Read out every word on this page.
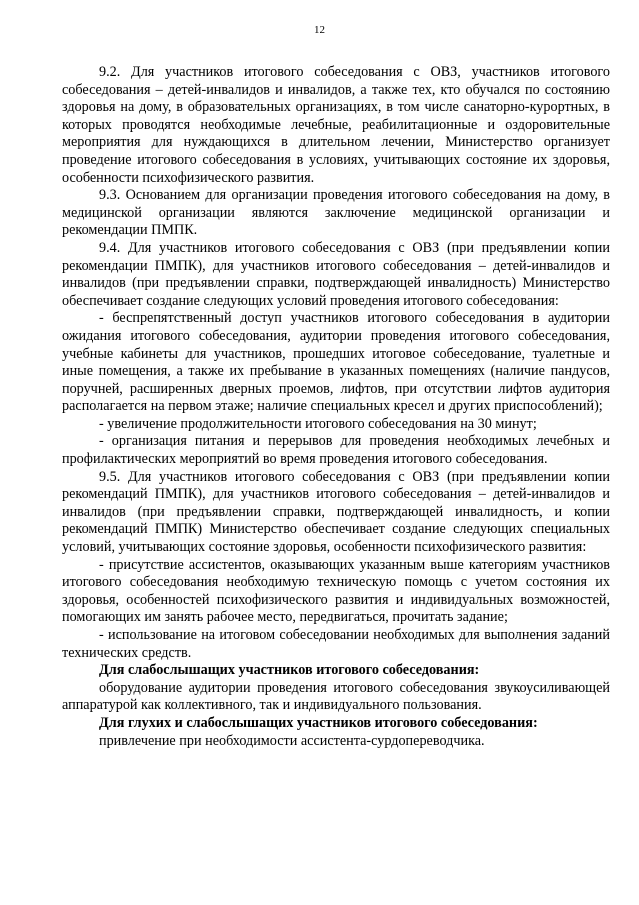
12

9.2. Для участников итогового собеседования с ОВЗ, участников итогового собеседования – детей-инвалидов и инвалидов, а также тех, кто обучался по состоянию здоровья на дому, в образовательных организациях, в том числе санаторно-курортных, в которых проводятся необходимые лечебные, реабилитационные и оздоровительные мероприятия для нуждающихся в длительном лечении, Министерство организует проведение итогового собеседования в условиях, учитывающих состояние их здоровья, особенности психофизического развития.

9.3. Основанием для организации проведения итогового собеседования на дому, в медицинской организации являются заключение медицинской организации и рекомендации ПМПК.

9.4. Для участников итогового собеседования с ОВЗ (при предъявлении копии рекомендации ПМПК), для участников итогового собеседования – детей-инвалидов и инвалидов (при предъявлении справки, подтверждающей инвалидность) Министерство обеспечивает создание следующих условий проведения итогового собеседования:

- беспрепятственный доступ участников итогового собеседования в аудитории ожидания итогового собеседования, аудитории проведения итогового собеседования, учебные кабинеты для участников, прошедших итоговое собеседование, туалетные и иные помещения, а также их пребывание в указанных помещениях (наличие пандусов, поручней, расширенных дверных проемов, лифтов, при отсутствии лифтов аудитория располагается на первом этаже; наличие специальных кресел и других приспособлений);

- увеличение продолжительности итогового собеседования на 30 минут;

- организация питания и перерывов для проведения необходимых лечебных и профилактических мероприятий во время проведения итогового собеседования.

9.5. Для участников итогового собеседования с ОВЗ (при предъявлении копии рекомендаций ПМПК), для участников итогового собеседования – детей-инвалидов и инвалидов (при предъявлении справки, подтверждающей инвалидность, и копии рекомендаций ПМПК) Министерство обеспечивает создание следующих специальных условий, учитывающих состояние здоровья, особенности психофизического развития:

- присутствие ассистентов, оказывающих указанным выше категориям участников итогового собеседования необходимую техническую помощь с учетом состояния их здоровья, особенностей психофизического развития и индивидуальных возможностей, помогающих им занять рабочее место, передвигаться, прочитать задание;

- использование на итоговом собеседовании необходимых для выполнения заданий технических средств.

Для слабослышащих участников итогового собеседования:

оборудование аудитории проведения итогового собеседования звукоусиливающей аппаратурой как коллективного, так и индивидуального пользования.

Для глухих и слабослышащих участников итогового собеседования:

привлечение при необходимости ассистента-сурдопереводчика.
